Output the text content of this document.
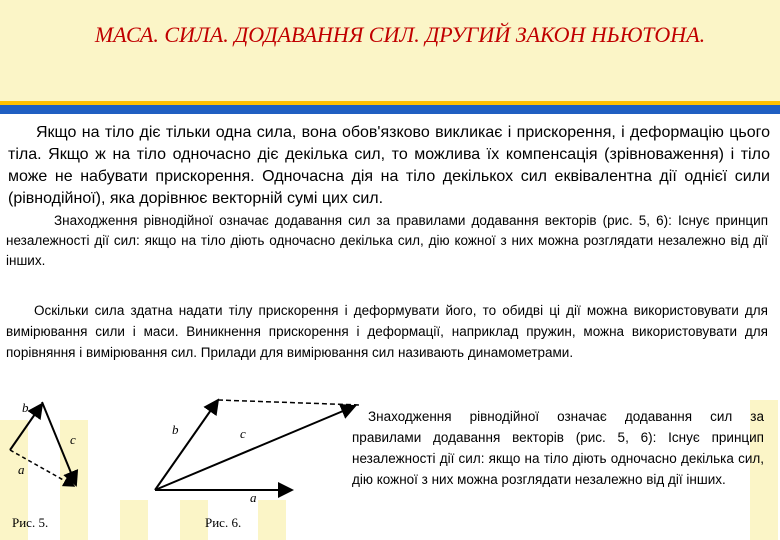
МАСА. СИЛА. ДОДАВАННЯ СИЛ. ДРУГИЙ ЗАКОН НЬЮТОНА.

Якщо на тіло діє тільки одна сила, вона обов'язково викликає і прискорення, і деформацію цього тіла. Якщо ж на тіло одночасно діє декілька сил, то можлива їх компенсація (зрівноваження) і тіло може не набувати прискорення. Одночасна дія на тіло декількох сил еквівалентна дії однієї сили (рівнодійної), яка дорівнює векторній сумі цих сил.

Знаходження рівнодійної означає додавання сил за правилами додавання векторів (рис. 5, 6): Існує принцип незалежності дії сил: якщо на тіло діють одночасно декілька сил, дію кожної з них можна розглядати незалежно від дії інших.

Оскільки сила здатна надати тілу прискорення і деформувати його, то обидві ці дії можна використовувати для вимірювання сили і маси. Виникнення прискорення і деформації, наприклад пружин, можна використовувати для порівняння і вимірювання сил. Прилади для вимірювання сил називають динамометрами.

b
c
a
b	c
a
Рис. 5.	Рис. 6.

Знаходження рівнодійної означає додавання сил за правилами додавання векторів (рис. 5, 6): Існує принцип незалежності дії сил: якщо на тіло діють одночасно декілька сил, дію кожної з них можна розглядати незалежно від дії інших.
